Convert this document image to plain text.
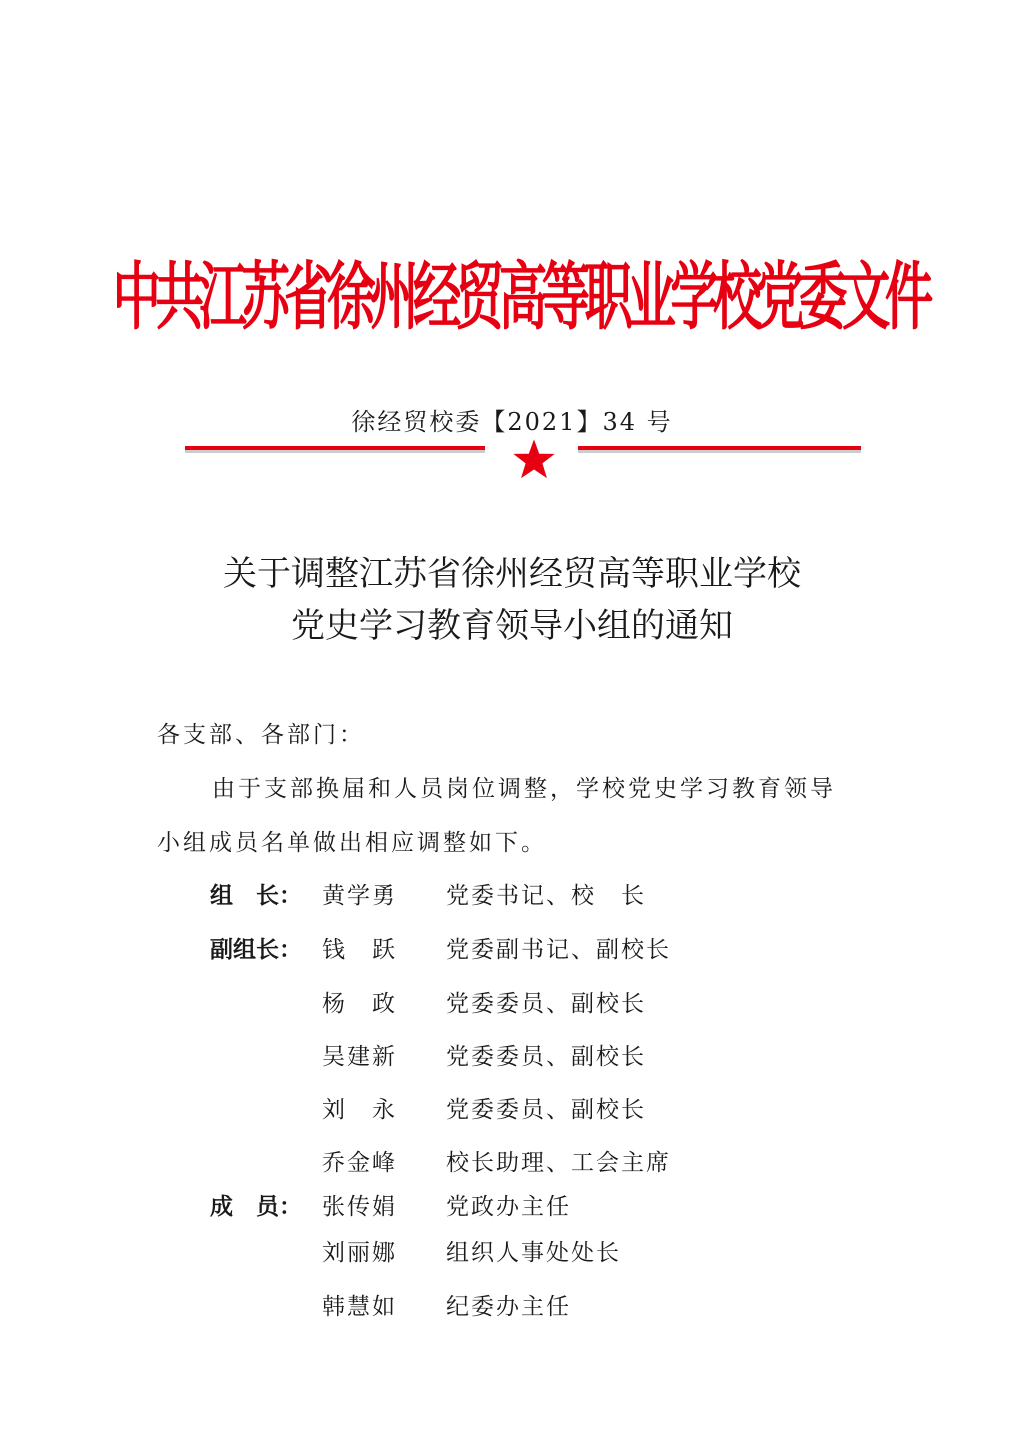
中共江苏省徐州经贸高等职业学校党委文件
徐经贸校委【2021】34 号
关于调整江苏省徐州经贸高等职业学校
党史学习教育领导小组的通知
各支部、各部门：
由于支部换届和人员岗位调整，学校党史学习教育领导
小组成员名单做出相应调整如下。
组　长： 黄学勇 党委书记、校　长
副组长： 钱　跃 党委副书记、副校长
杨　政 党委委员、副校长
吴建新 党委委员、副校长
刘　永 党委委员、副校长
乔金峰 校长助理、工会主席
成　员： 张传娟 党政办主任
刘丽娜 组织人事处处长
韩慧如 纪委办主任
